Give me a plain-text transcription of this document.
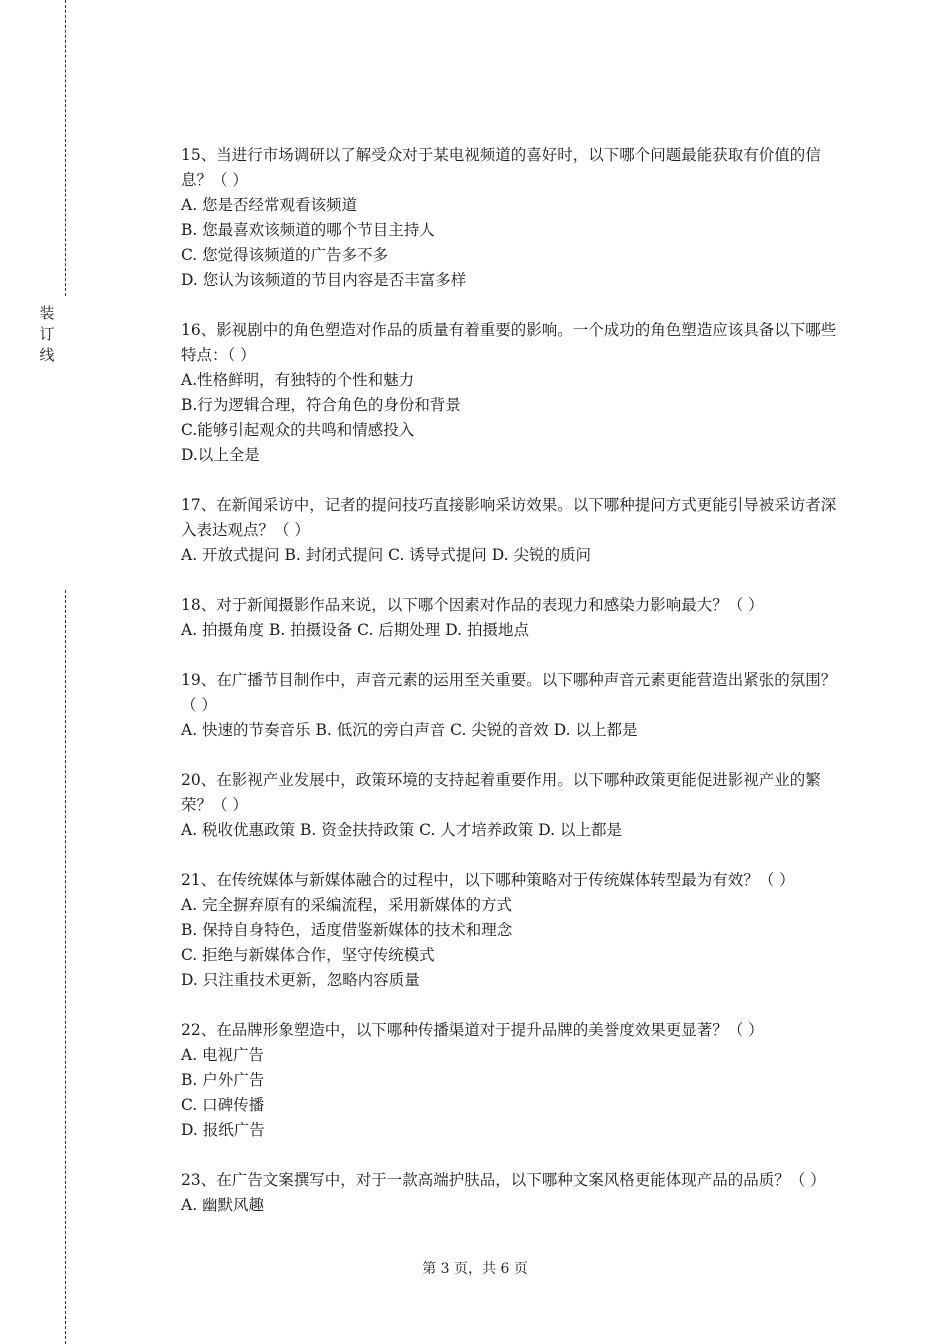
装
订
线

15、当进行市场调研以了解受众对于某电视频道的喜好时，以下哪个问题最能获取有价值的信息？（ ）

A. 您是否经常观看该频道

B. 您最喜欢该频道的哪个节目主持人

C. 您觉得该频道的广告多不多

D. 您认为该频道的节目内容是否丰富多样

16、影视剧中的角色塑造对作品的质量有着重要的影响。一个成功的角色塑造应该具备以下哪些特点：（ ）

A.性格鲜明，有独特的个性和魅力

B.行为逻辑合理，符合角色的身份和背景

C.能够引起观众的共鸣和情感投入

D.以上全是

17、在新闻采访中，记者的提问技巧直接影响采访效果。以下哪种提问方式更能引导被采访者深入表达观点？（ ）

A. 开放式提问 B. 封闭式提问 C. 诱导式提问 D. 尖锐的质问

18、对于新闻摄影作品来说，以下哪个因素对作品的表现力和感染力影响最大？（ ）

A. 拍摄角度 B. 拍摄设备 C. 后期处理 D. 拍摄地点

19、在广播节目制作中，声音元素的运用至关重要。以下哪种声音元素更能营造出紧张的氛围？（ ）

A. 快速的节奏音乐 B. 低沉的旁白声音 C. 尖锐的音效 D. 以上都是

20、在影视产业发展中，政策环境的支持起着重要作用。以下哪种政策更能促进影视产业的繁荣？（ ）

A. 税收优惠政策 B. 资金扶持政策 C. 人才培养政策 D. 以上都是

21、在传统媒体与新媒体融合的过程中，以下哪种策略对于传统媒体转型最为有效？（ ）

A. 完全摒弃原有的采编流程，采用新媒体的方式

B. 保持自身特色，适度借鉴新媒体的技术和理念

C. 拒绝与新媒体合作，坚守传统模式

D. 只注重技术更新，忽略内容质量

22、在品牌形象塑造中，以下哪种传播渠道对于提升品牌的美誉度效果更显著？（ ）

A. 电视广告

B. 户外广告

C. 口碑传播

D. 报纸广告

23、在广告文案撰写中，对于一款高端护肤品，以下哪种文案风格更能体现产品的品质？（ ）

A. 幽默风趣

第 3 页，共 6 页
